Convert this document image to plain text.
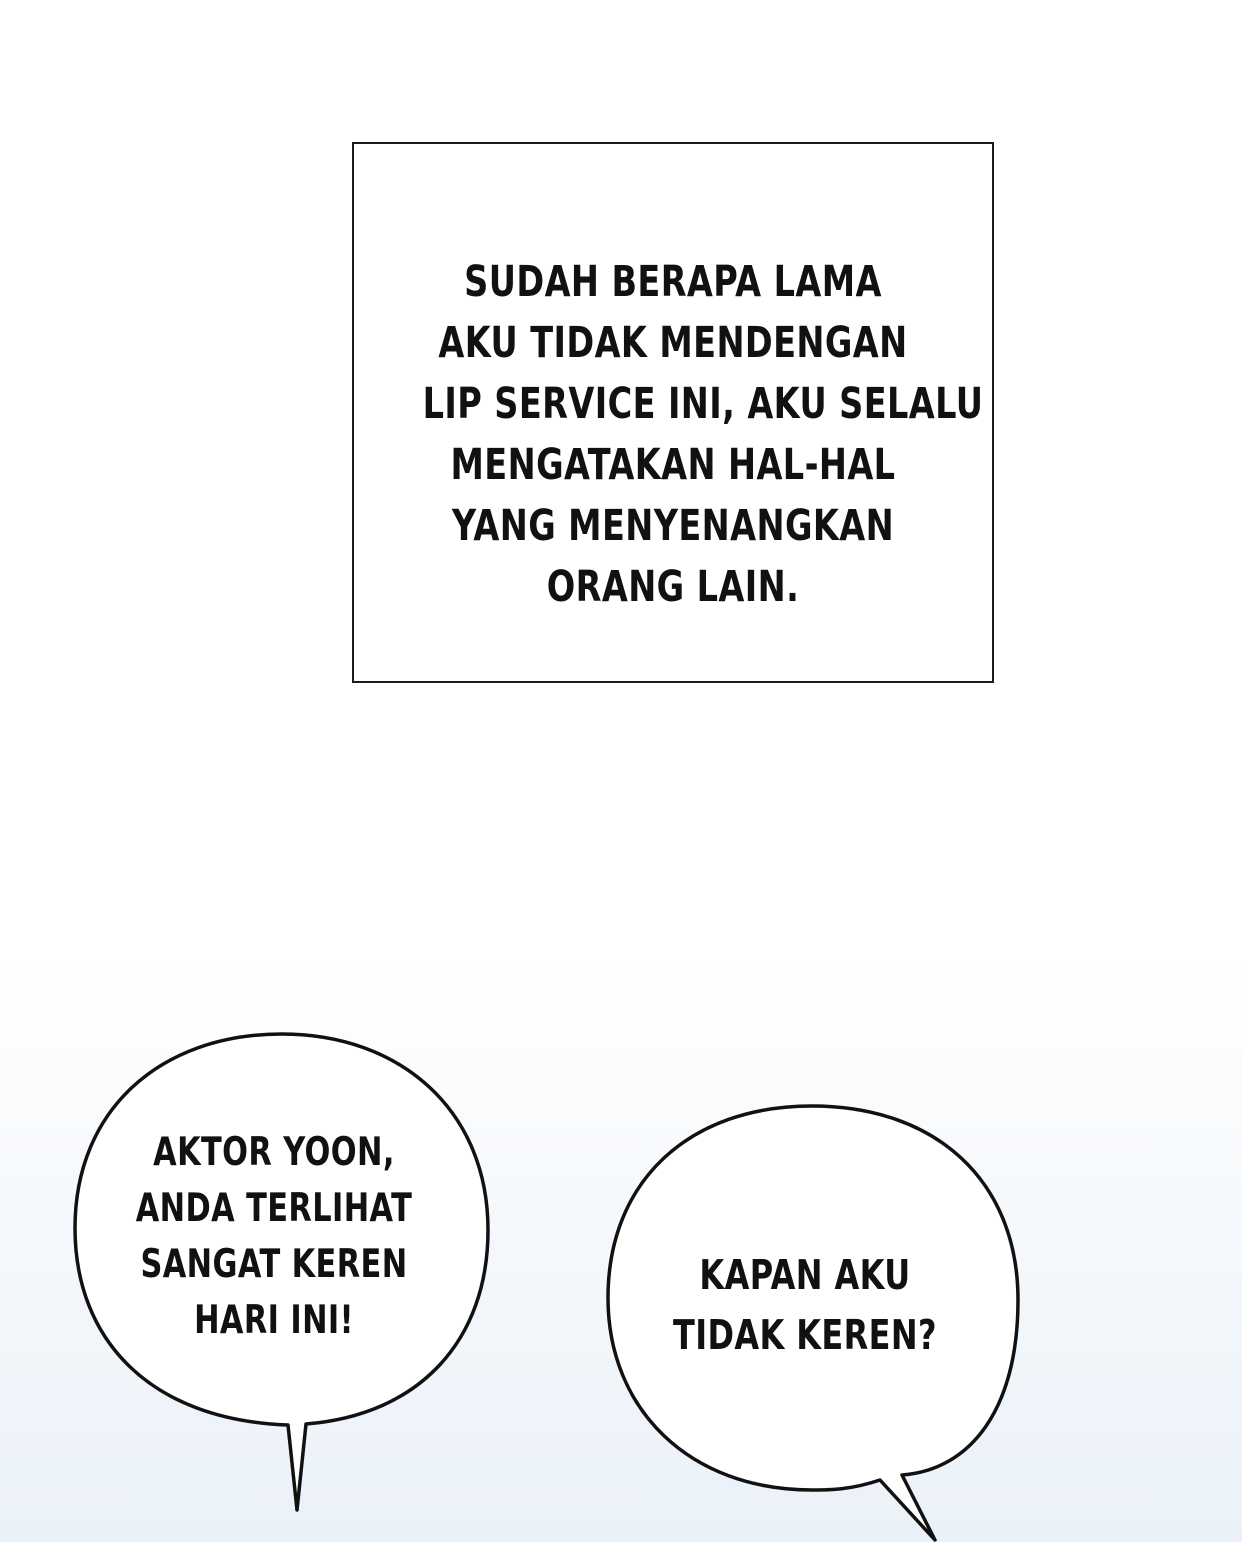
SUDAH BERAPA LAMA
AKU TIDAK MENDENGAN
LIP SERVICE INI, AKU SELALU
MENGATAKAN HAL-HAL
YANG MENYENANGKAN
ORANG LAIN.
AKTOR YOON,
ANDA TERLIHAT
SANGAT KEREN
HARI INI!
KAPAN AKU
TIDAK KEREN?
